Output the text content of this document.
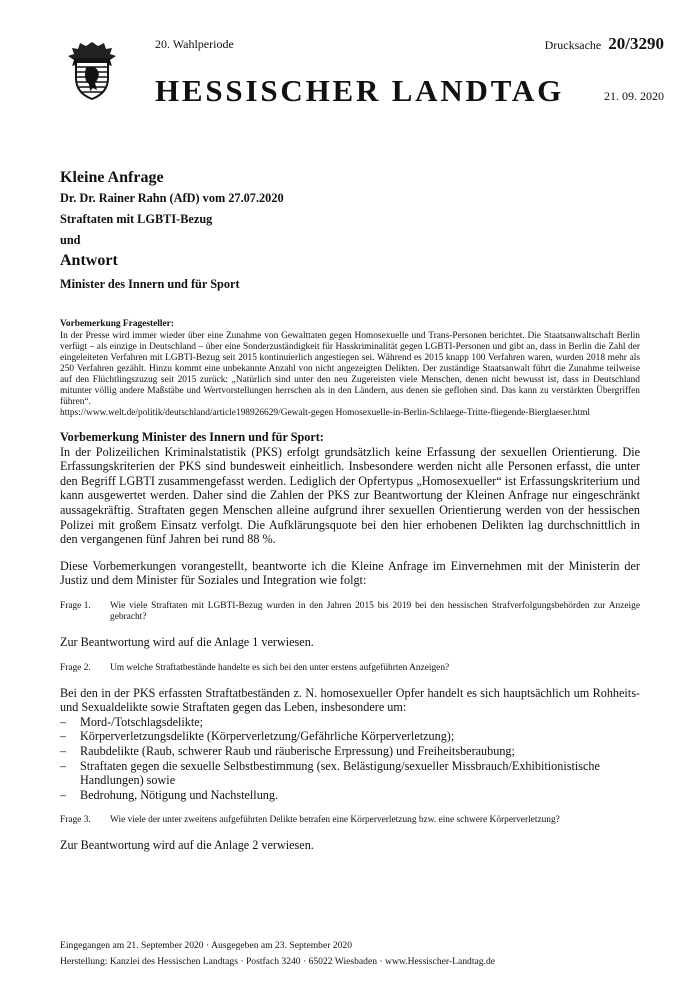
20. Wahlperiode	Drucksache 20/3290
HESSISCHER LANDTAG	21. 09. 2020
Kleine Anfrage
Dr. Dr. Rainer Rahn (AfD) vom 27.07.2020
Straftaten mit LGBTI-Bezug
und
Antwort
Minister des Innern und für Sport
Vorbemerkung Fragesteller:

In der Presse wird immer wieder über eine Zunahme von Gewalttaten gegen Homosexuelle und Trans-Personen berichtet. Die Staatsanwaltschaft Berlin verfügt – als einzige in Deutschland – über eine Sonderzuständigkeit für Hasskriminalität gegen LGBTI-Personen und gibt an, dass in Berlin die Zahl der eingeleiteten Verfahren mit LGBTI-Bezug seit 2015 kontinuierlich angestiegen sei. Während es 2015 knapp 100 Verfahren waren, wurden 2018 mehr als 250 Verfahren gezählt. Hinzu kommt eine unbekannte Anzahl von nicht angezeigten Delikten. Der zuständige Staatsanwalt führt die Zunahme teilweise auf den Flüchtlingszuzug seit 2015 zurück: „Natürlich sind unter den neu Zugereisten viele Menschen, denen nicht bewusst ist, dass in Deutschland mitunter völlig andere Maßstäbe und Wertvorstellungen herrschen als in den Ländern, aus denen sie geflohen sind. Das kann zu verstärkten Übergriffen führen“.

https://www.welt.de/politik/deutschland/article198926629/Gewalt-gegen Homosexuelle-in-Berlin-Schlaege-Tritte-fliegende-Bierglaeser.html

Vorbemerkung Minister des Innern und für Sport:

In der Polizeilichen Kriminalstatistik (PKS) erfolgt grundsätzlich keine Erfassung der sexuellen Orientierung. Die Erfassungskriterien der PKS sind bundesweit einheitlich. Insbesondere werden nicht alle Personen erfasst, die unter den Begriff LGBTI zusammengefasst werden. Lediglich der Opfertypus „Homosexueller“ ist Erfassungskriterium und kann ausgewertet werden. Daher sind die Zahlen der PKS zur Beantwortung der Kleinen Anfrage nur eingeschränkt aussagekräftig. Straftaten gegen Menschen alleine aufgrund ihrer sexuellen Orientierung werden von der hessischen Polizei mit großem Einsatz verfolgt. Die Aufklärungsquote bei den hier erhobenen Delikten lag durchschnittlich in den vergangenen fünf Jahren bei rund 88 %.

Diese Vorbemerkungen vorangestellt, beantworte ich die Kleine Anfrage im Einvernehmen mit der Ministerin der Justiz und dem Minister für Soziales und Integration wie folgt:

Frage 1.	Wie viele Straftaten mit LGBTI-Bezug wurden in den Jahren 2015 bis 2019 bei den hessischen Strafverfolgungsbehörden zur Anzeige gebracht?

Zur Beantwortung wird auf die Anlage 1 verwiesen.

Frage 2.	Um welche Straftatbestände handelte es sich bei den unter erstens aufgeführten Anzeigen?

Bei den in der PKS erfassten Straftatbeständen z. N. homosexueller Opfer handelt es sich hauptsächlich um Rohheits- und Sexualdelikte sowie Straftaten gegen das Leben, insbesondere um:

– Mord-/Totschlagsdelikte;
– Körperverletzungsdelikte (Körperverletzung/Gefährliche Körperverletzung);
– Raubdelikte (Raub, schwerer Raub und räuberische Erpressung) und Freiheitsberaubung;
– Straftaten gegen die sexuelle Selbstbestimmung (sex. Belästigung/sexueller Missbrauch/Exhibitionistische Handlungen) sowie
– Bedrohung, Nötigung und Nachstellung.
Frage 3.	Wie viele der unter zweitens aufgeführten Delikte betrafen eine Körperverletzung bzw. eine schwere Körperverletzung?

Zur Beantwortung wird auf die Anlage 2 verwiesen.

Eingegangen am 21. September 2020 · Ausgegeben am 23. September 2020
Herstellung: Kanzlei des Hessischen Landtags · Postfach 3240 · 65022 Wiesbaden · www.Hessischer-Landtag.de
